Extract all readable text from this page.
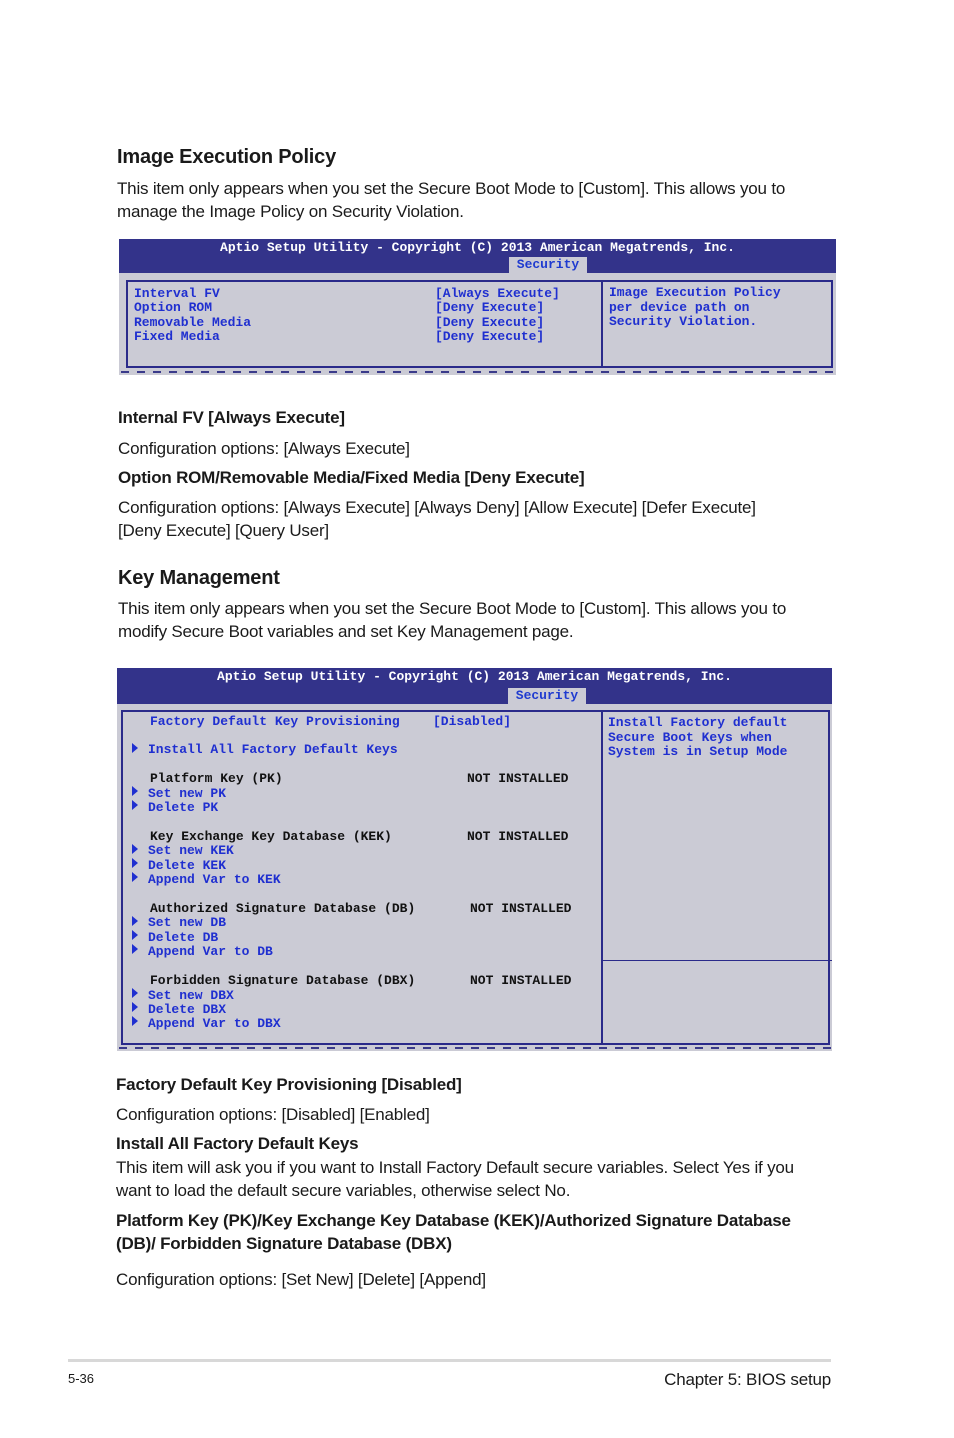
Image Execution Policy
This item only appears when you set the Secure Boot Mode to [Custom]. This allows you to
manage the Image Policy on Security Violation.
Aptio Setup Utility - Copyright (C) 2013 American Megatrends, Inc.
Security
Interval FV	[Always Execute]
Option ROM	[Deny Execute]
Removable Media	[Deny Execute]
Fixed Media	[Deny Execute]
Image Execution Policy
per device path on
Security Violation.
Internal FV [Always Execute]
Configuration options: [Always Execute]
Option ROM/Removable Media/Fixed Media [Deny Execute]
Configuration options: [Always Execute] [Always Deny] [Allow Execute] [Defer Execute]
[Deny Execute] [Query User]
Key Management
This item only appears when you set the Secure Boot Mode to [Custom]. This allows you to
modify Secure Boot variables and set Key Management page.
Aptio Setup Utility - Copyright (C) 2013 American Megatrends, Inc.
Security
Factory Default Key Provisioning	[Disabled]
Install All Factory Default Keys
Platform Key (PK)	NOT INSTALLED
Set new PK
Delete PK
Key Exchange Key Database (KEK)	NOT INSTALLED
Set new KEK
Delete KEK
Append Var to KEK
Authorized Signature Database (DB)	NOT INSTALLED
Set new DB
Delete DB
Append Var to DB
Forbidden Signature Database (DBX)	NOT INSTALLED
Set new DBX
Delete DBX
Append Var to DBX
Install Factory default
Secure Boot Keys when
System is in Setup Mode
Factory Default Key Provisioning [Disabled]
Configuration options: [Disabled] [Enabled]
Install All Factory Default Keys
This item will ask you if you want to Install Factory Default secure variables. Select Yes if you
want to load the default secure variables, otherwise select No.
Platform Key (PK)/Key Exchange Key Database (KEK)/Authorized Signature Database
(DB)/ Forbidden Signature Database (DBX)
Configuration options: [Set New] [Delete] [Append]
5-36	Chapter 5: BIOS setup
